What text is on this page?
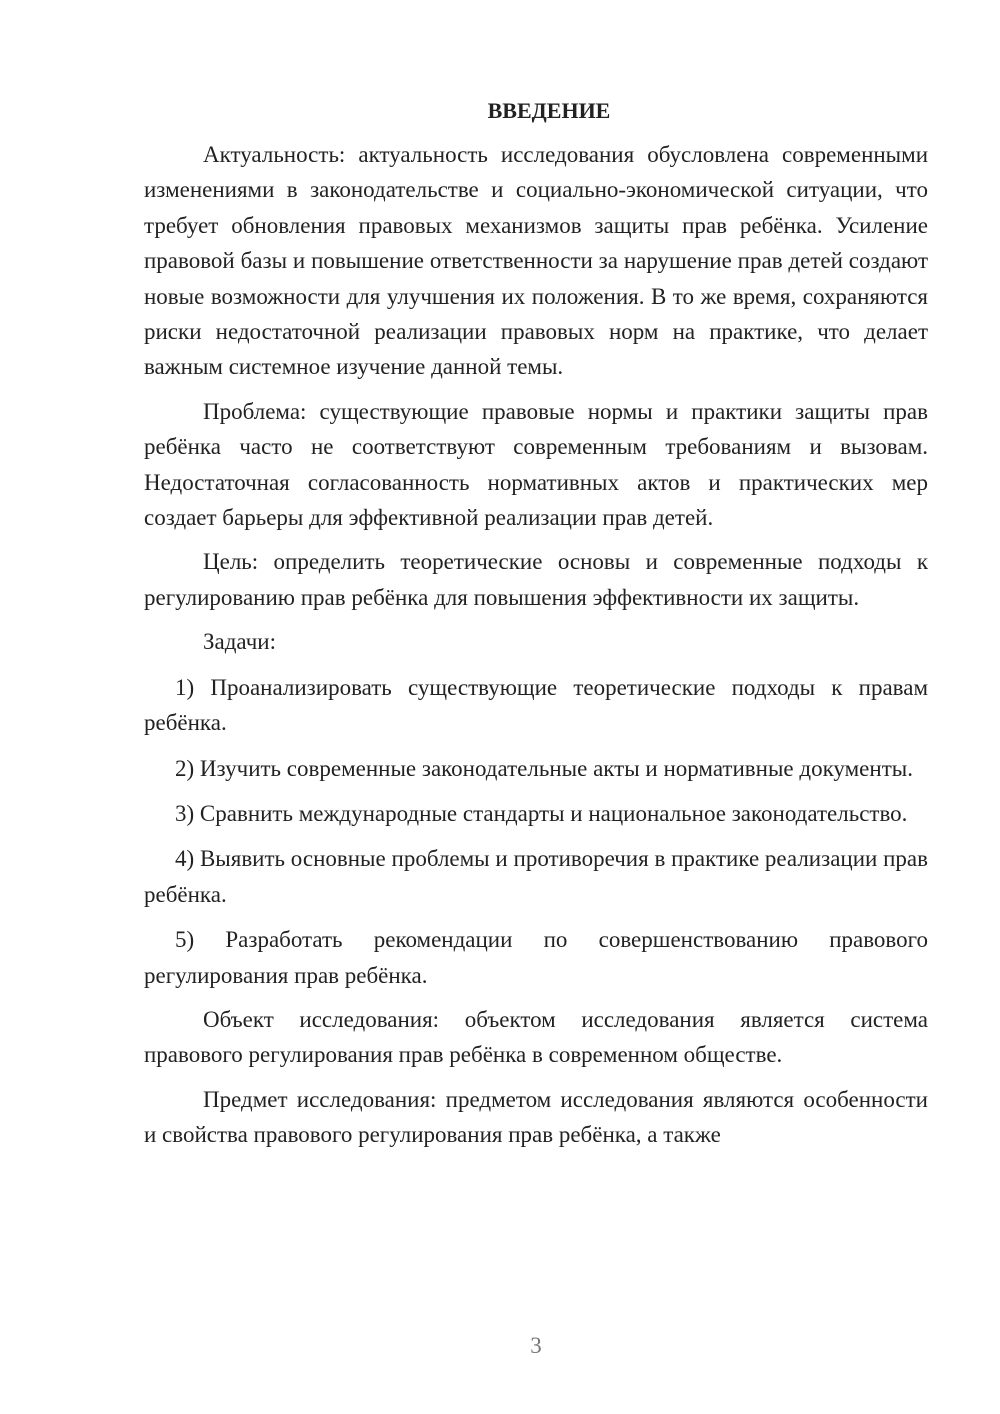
ВВЕДЕНИЕ

Актуальность: актуальность исследования обусловлена современными изменениями в законодательстве и социально-экономической ситуации, что требует обновления правовых механизмов защиты прав ребёнка. Усиление правовой базы и повышение ответственности за нарушение прав детей создают новые возможности для улучшения их положения. В то же время, сохраняются риски недостаточной реализации правовых норм на практике, что делает важным системное изучение данной темы.

Проблема: существующие правовые нормы и практики защиты прав ребёнка часто не соответствуют современным требованиям и вызовам. Недостаточная согласованность нормативных актов и практических мер создает барьеры для эффективной реализации прав детей.

Цель: определить теоретические основы и современные подходы к регулированию прав ребёнка для повышения эффективности их защиты.

Задачи:

1) Проанализировать существующие теоретические подходы к правам ребёнка.

2) Изучить современные законодательные акты и нормативные документы.

3) Сравнить международные стандарты и национальное законодательство.

4) Выявить основные проблемы и противоречия в практике реализации прав ребёнка.

5) Разработать рекомендации по совершенствованию правового регулирования прав ребёнка.

Объект исследования: объектом исследования является система правового регулирования прав ребёнка в современном обществе.

Предмет исследования: предметом исследования являются особенности и свойства правового регулирования прав ребёнка, а также

3
